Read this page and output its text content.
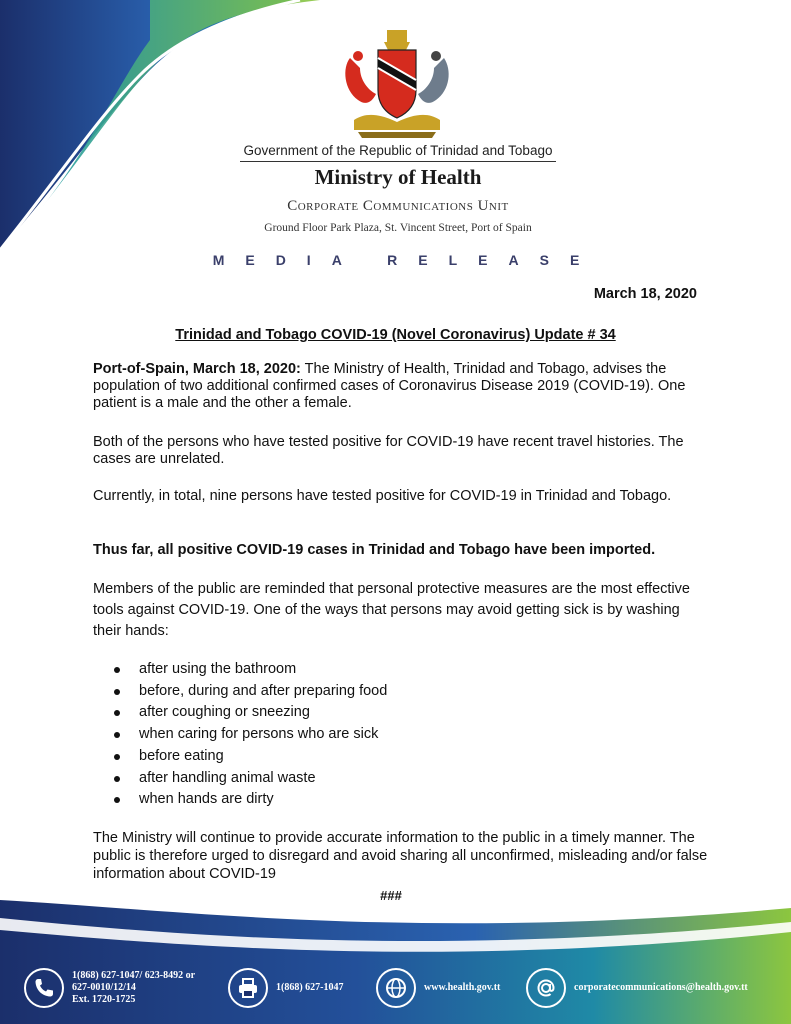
Government of the Republic of Trinidad and Tobago
Ministry of Health
Corporate Communications Unit
Ground Floor Park Plaza, St. Vincent Street, Port of Spain
MEDIA RELEASE
March 18, 2020
Trinidad and Tobago COVID-19 (Novel Coronavirus) Update # 34
Port-of-Spain, March 18, 2020: The Ministry of Health, Trinidad and Tobago, advises the population of two additional confirmed cases of Coronavirus Disease 2019 (COVID-19). One patient is a male and the other a female.
Both of the persons who have tested positive for COVID-19 have recent travel histories. The cases are unrelated.
Currently, in total, nine persons have tested positive for COVID-19 in Trinidad and Tobago.
Thus far, all positive COVID-19 cases in Trinidad and Tobago have been imported.
Members of the public are reminded that personal protective measures are the most effective tools against COVID-19. One of the ways that persons may avoid getting sick is by washing their hands:
after using the bathroom
before, during and after preparing food
after coughing or sneezing
when caring for persons who are sick
before eating
after handling animal waste
when hands are dirty
The Ministry will continue to provide accurate information to the public in a timely manner. The public is therefore urged to disregard and avoid sharing all unconfirmed, misleading and/or false information about COVID-19
###
1(868) 627-1047/ 623-8492 or
627-0010/12/14
Ext. 1720-1725
1(868) 627-1047	www.health.gov.tt	corporatecommunications@health.gov.tt
